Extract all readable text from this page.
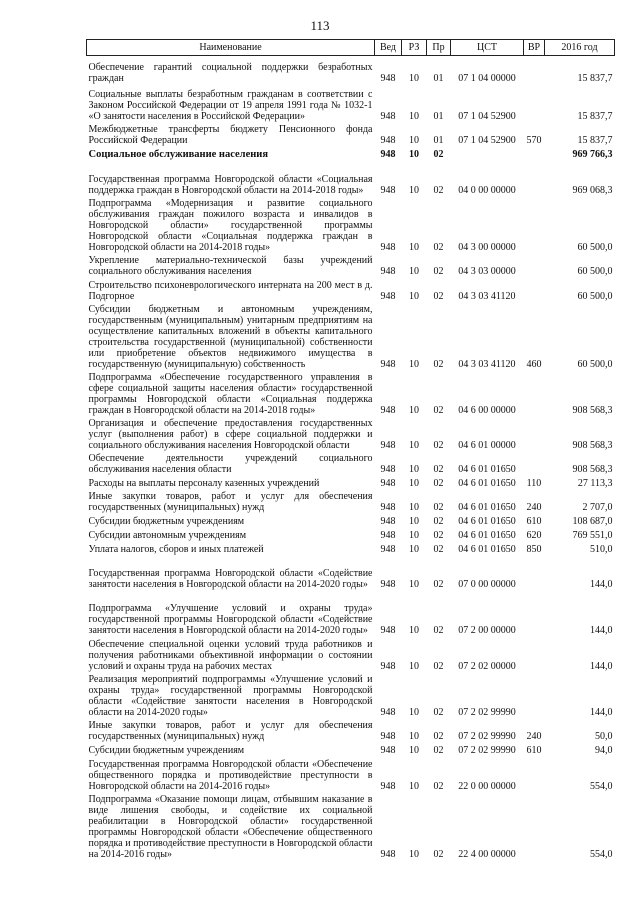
113
Наименование	Вед	РЗ	Пр	ЦСТ	ВР	2016 год
Обеспечение гарантий социальной поддержки безработных граждан	948	10	01	07 1 04 00000		15 837,7
Социальные выплаты безработным гражданам в соответствии с Законом Российской Федерации от 19 апреля 1991 года № 1032-1 «О занятости населения в Российской Федерации»	948	10	01	07 1 04 52900		15 837,7
Межбюджетные трансферты бюджету Пенсионного фонда Российской Федерации	948	10	01	07 1 04 52900	570	15 837,7
Социальное обслуживание населения	948	10	02			969 766,3
Государственная программа Новгородской области «Социальная поддержка граждан в Новгородской области на 2014-2018 годы»	948	10	02	04 0 00 00000		969 068,3
Подпрограмма «Модернизация и развитие социального обслуживания граждан пожилого возраста и инвалидов в Новгородской области» государственной программы Новгородской области «Социальная поддержка граждан в Новгородской области на 2014-2018 годы»	948	10	02	04 3 00 00000		60 500,0
Укрепление материально-технической базы учреждений социального обслуживания населения	948	10	02	04 3 03 00000		60 500,0
Строительство психоневрологического интерната на 200 мест в д. Подгорное	948	10	02	04 3 03 41120		60 500,0
Субсидии бюджетным и автономным учреждениям, государственным (муниципальным) унитарным предприятиям на осуществление капитальных вложений в объекты капитального строительства государственной (муниципальной) собственности или приобретение объектов недвижимого имущества в государственную (муниципальную) собственность	948	10	02	04 3 03 41120	460	60 500,0
Подпрограмма «Обеспечение государственного управления в сфере социальной защиты населения области» государственной программы Новгородской области «Социальная поддержка граждан в Новгородской области на 2014-2018 годы»	948	10	02	04 6 00 00000		908 568,3
Организация и обеспечение предоставления государственных услуг (выполнения работ) в сфере социальной поддержки и социального обслуживания населения Новгородской области	948	10	02	04 6 01 00000		908 568,3
Обеспечение деятельности учреждений социального обслуживания населения области	948	10	02	04 6 01 01650		908 568,3
Расходы на выплаты персоналу казенных учреждений	948	10	02	04 6 01 01650	110	27 113,3
Иные закупки товаров, работ и услуг для обеспечения государственных (муниципальных) нужд	948	10	02	04 6 01 01650	240	2 707,0
Субсидии бюджетным учреждениям	948	10	02	04 6 01 01650	610	108 687,0
Субсидии автономным учреждениям	948	10	02	04 6 01 01650	620	769 551,0
Уплата налогов, сборов и иных платежей	948	10	02	04 6 01 01650	850	510,0
Государственная программа Новгородской области «Содействие занятости населения в Новгородской области на 2014-2020 годы»	948	10	02	07 0 00 00000		144,0
Подпрограмма «Улучшение условий и охраны труда» государственной программы Новгородской области «Содействие занятости населения в Новгородской области на 2014-2020 годы»	948	10	02	07 2 00 00000		144,0
Обеспечение специальной оценки условий труда работников и получения работниками объективной информации о состоянии условий и охраны труда на рабочих местах	948	10	02	07 2 02 00000		144,0
Реализация мероприятий подпрограммы «Улучшение условий и охраны труда» государственной программы Новгородской области «Содействие занятости населения в Новгородской области на 2014-2020 годы»	948	10	02	07 2 02 99990		144,0
Иные закупки товаров, работ и услуг для обеспечения государственных (муниципальных) нужд	948	10	02	07 2 02 99990	240	50,0
Субсидии бюджетным учреждениям	948	10	02	07 2 02 99990	610	94,0
Государственная программа Новгородской области «Обеспечение общественного порядка и противодействие преступности в Новгородской области на 2014-2016 годы»	948	10	02	22 0 00 00000		554,0
Подпрограмма «Оказание помощи лицам, отбывшим наказание в виде лишения свободы, и содействие их социальной реабилитации в Новгородской области» государственной программы Новгородской области «Обеспечение общественного порядка и противодействие преступности в Новгородской области на 2014-2016 годы»	948	10	02	22 4 00 00000		554,0
